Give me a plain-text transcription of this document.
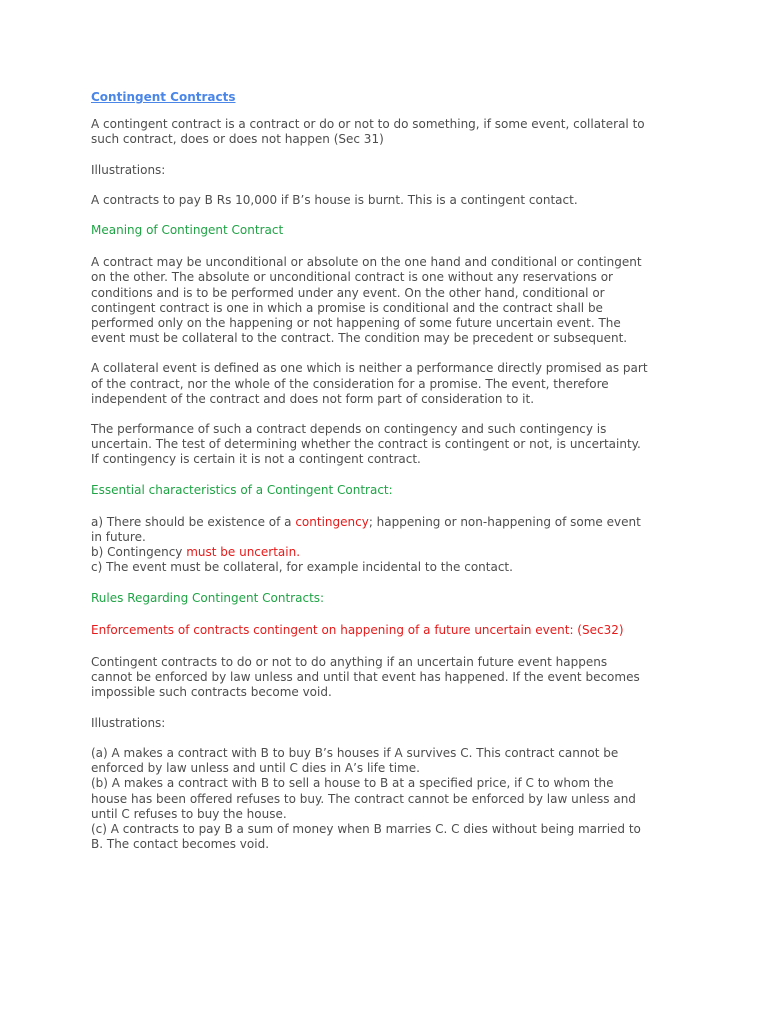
Contingent Contracts

A contingent contract is a contract or do or not to do something, if some event, collateral to
such contract, does or does not happen (Sec 31)

Illustrations:

A contracts to pay B Rs 10,000 if B’s house is burnt. This is a contingent contact.

Meaning of Contingent Contract

A contract may be unconditional or absolute on the one hand and conditional or contingent
on the other. The absolute or unconditional contract is one without any reservations or
conditions and is to be performed under any event. On the other hand, conditional or
contingent contract is one in which a promise is conditional and the contract shall be
performed only on the happening or not happening of some future uncertain event. The
event must be collateral to the contract. The condition may be precedent or subsequent.

A collateral event is defined as one which is neither a performance directly promised as part
of the contract, nor the whole of the consideration for a promise. The event, therefore
independent of the contract and does not form part of consideration to it.

The performance of such a contract depends on contingency and such contingency is
uncertain. The test of determining whether the contract is contingent or not, is uncertainty.
If contingency is certain it is not a contingent contract.

Essential characteristics of a Contingent Contract:
a) There should be existence of a contingency; happening or non-happening of some event
in future.
b) Contingency must be uncertain.
c) The event must be collateral, for example incidental to the contact.
Rules Regarding Contingent Contracts:
Enforcements of contracts contingent on happening of a future uncertain event: (Sec32)

Contingent contracts to do or not to do anything if an uncertain future event happens
cannot be enforced by law unless and until that event has happened. If the event becomes
impossible such contracts become void.

Illustrations:

(a) A makes a contract with B to buy B’s houses if A survives C. This contract cannot be
enforced by law unless and until C dies in A’s life time.
(b) A makes a contract with B to sell a house to B at a specified price, if C to whom the
house has been offered refuses to buy. The contract cannot be enforced by law unless and
until C refuses to buy the house.
(c) A contracts to pay B a sum of money when B marries C. C dies without being married to
B. The contact becomes void.
